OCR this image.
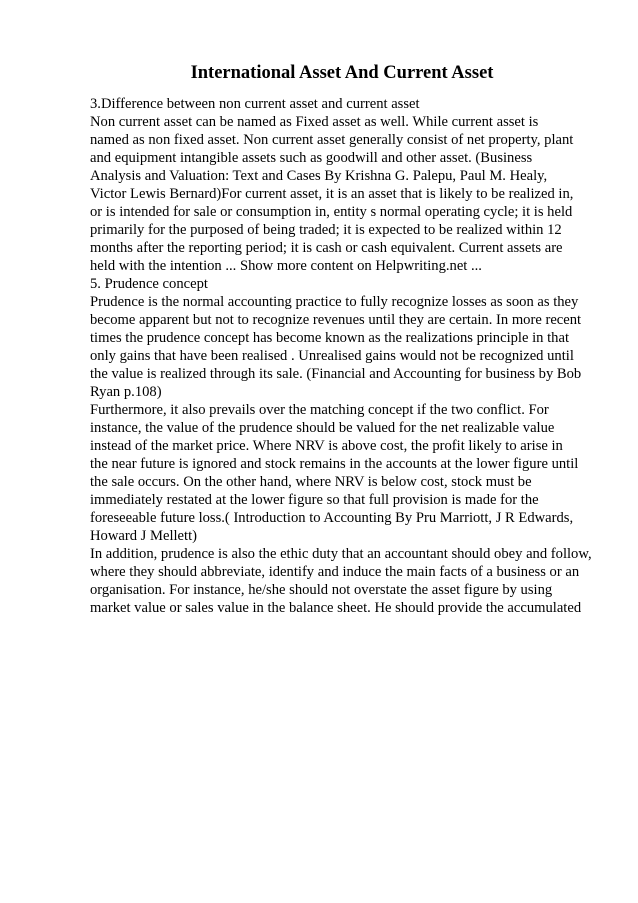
International Asset And Current Asset
3.Difference between non current asset and current asset
Non current asset can be named as Fixed asset as well. While current asset is
named as non fixed asset. Non current asset generally consist of net property, plant
and equipment intangible assets such as goodwill and other asset. (Business
Analysis and Valuation: Text and Cases By Krishna G. Palepu, Paul M. Healy,
Victor Lewis Bernard)For current asset, it is an asset that is likely to be realized in,
or is intended for sale or consumption in, entity s normal operating cycle; it is held
primarily for the purposed of being traded; it is expected to be realized within 12
months after the reporting period; it is cash or cash equivalent. Current assets are
held with the intention ... Show more content on Helpwriting.net ...
5. Prudence concept
Prudence is the normal accounting practice to fully recognize losses as soon as they
become apparent but not to recognize revenues until they are certain. In more recent
times the prudence concept has become known as the realizations principle in that
only gains that have been realised . Unrealised gains would not be recognized until
the value is realized through its sale. (Financial and Accounting for business by Bob
Ryan p.108)
Furthermore, it also prevails over the matching concept if the two conflict. For
instance, the value of the prudence should be valued for the net realizable value
instead of the market price. Where NRV is above cost, the profit likely to arise in
the near future is ignored and stock remains in the accounts at the lower figure until
the sale occurs. On the other hand, where NRV is below cost, stock must be
immediately restated at the lower figure so that full provision is made for the
foreseeable future loss.( Introduction to Accounting By Pru Marriott, J R Edwards,
Howard J Mellett)
In addition, prudence is also the ethic duty that an accountant should obey and follow,
where they should abbreviate, identify and induce the main facts of a business or an
organisation. For instance, he/she should not overstate the asset figure by using
market value or sales value in the balance sheet. He should provide the accumulated
